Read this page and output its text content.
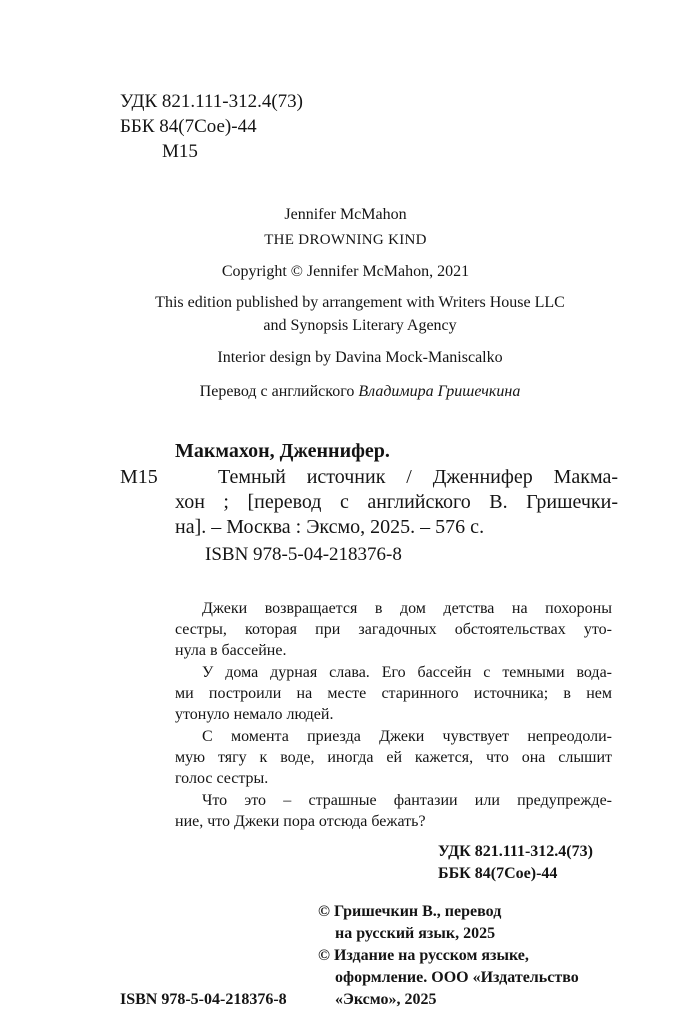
УДК 821.111-312.4(73)
ББК 84(7Сое)-44
М15
Jennifer McMahon
THE DROWNING KIND
Copyright © Jennifer McMahon, 2021
This edition published by arrangement with Writers House LLC
and Synopsis Literary Agency
Interior design by Davina Mock-Maniscalko
Перевод с английского Владимира Гришечкина
Макмахон, Дженнифер.
М15	Темный источник / Дженнифер Макма-
хон ; [перевод с английского В. Гришечки-
на]. – Москва : Эксмо, 2025. – 576 с.
ISBN 978-5-04-218376-8
Джеки возвращается в дом детства на похороны
сестры, которая при загадочных обстоятельствах уто-
нула в бассейне.
У дома дурная слава. Его бассейн с темными вода-
ми построили на месте старинного источника; в нем
утонуло немало людей.
С момента приезда Джеки чувствует непреодоли-
мую тягу к воде, иногда ей кажется, что она слышит
голос сестры.
Что это – страшные фантазии или предупрежде-
ние, что Джеки пора отсюда бежать?
УДК 821.111-312.4(73)
ББК 84(7Сое)-44
© Гришечкин В., перевод
на русский язык, 2025
© Издание на русском языке,
оформление. ООО «Издательство
«Эксмо», 2025
ISBN 978-5-04-218376-8
